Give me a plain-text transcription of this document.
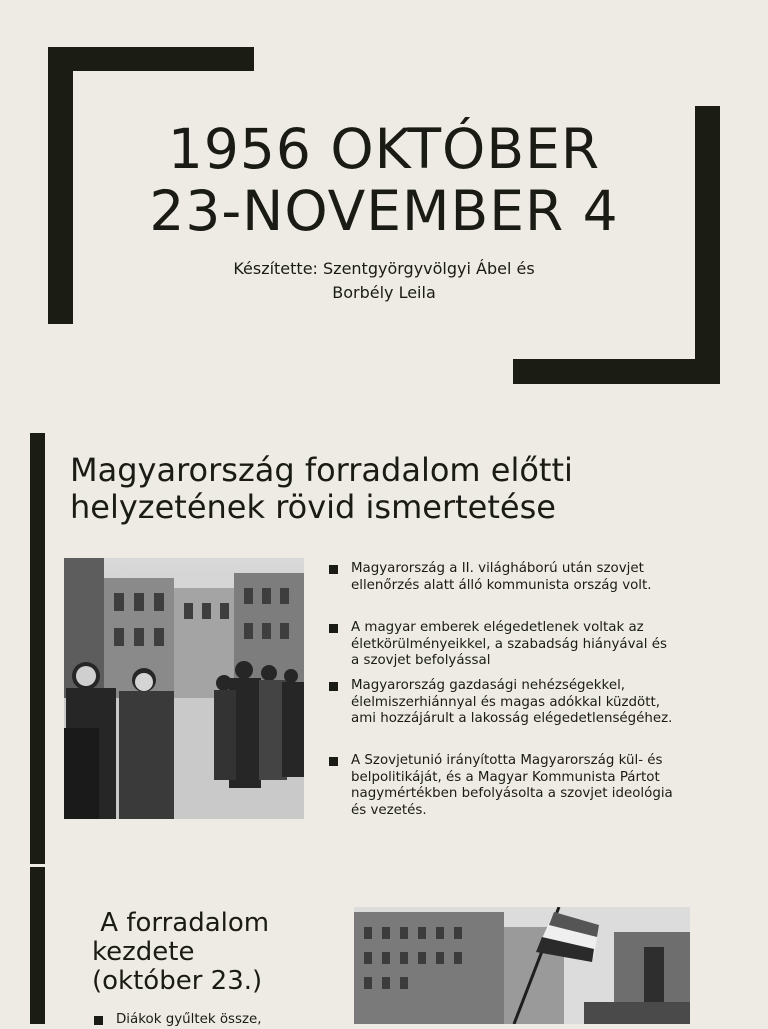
1956 OKTÓBER
23-NOVEMBER 4
Készítette: Szentgyörgyvölgyi Ábel és
Borbély Leila
Magyarország forradalom előtti
helyzetének rövid ismertetése
Magyarország a II. világháború után szovjet
ellenőrzés alatt álló kommunista ország volt.
A magyar emberek elégedetlenek voltak az
életkörülményeikkel, a szabadság hiányával és
a szovjet befolyással
Magyarország gazdasági nehézségekkel,
élelmiszerhiánnyal és magas adókkal küzdött,
ami hozzájárult a lakosság elégedetlenségéhez.
A Szovjetunió irányította Magyarország kül- és
belpolitikáját, és a Magyar Kommunista Pártot
nagymértékben befolyásolta a szovjet ideológia
és vezetés.
A forradalom
kezdete
(október 23.)
Diákok gyűltek össze,
